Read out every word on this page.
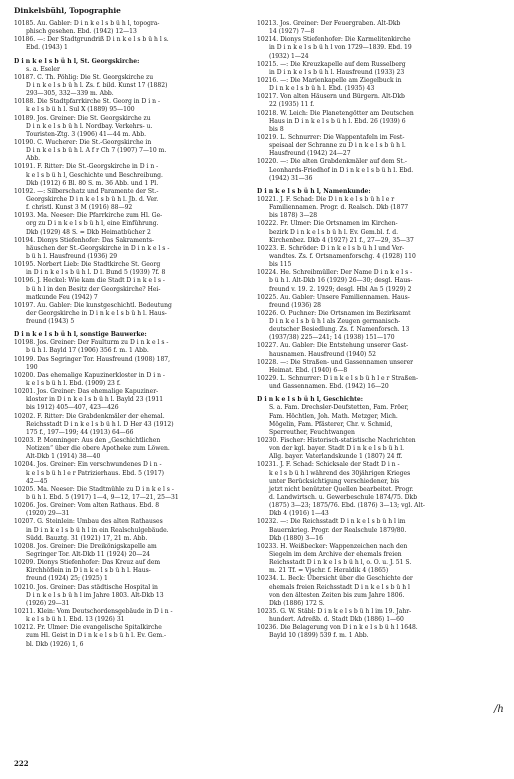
Dinkelsbühl, Topographie
10185. Au. Gabler: D i n k e l s b ü h l, topogra-
phisch gesehen. Ebd. (1942) 12—13
10186. —: Der Stadtgrundriß D i n k e l s b ü h l s.
Ebd. (1943) 1
D i n k e l s b ü h l, St. Georgskirche:
s. a. Eseler
10187. C. Th. Pöhlig: Die St. Georgskirche zu
D i n k e l s b ü h l. Zs. f. bild. Kunst 17 (1882)
293—305, 332—339 m. Abb.
10188. Die Stadtpfarrkirche St. Georg in D i n -
k e l s b ü h l. Sul X (1889) 95—100
10189. Jos. Greiner: Die St. Georgskirche zu
D i n k e l s b ü h l. Nordbay. Verkehrs- u.
Touristen-Ztg. 3 (1906) 41—44 m. Abb.
10190. C. Wucherer: Die St.-Georgskirche in
D i n k e l s b ü h l. A f r Ch 7 (1907) 7—10 m.
Abb.
10191. F. Ritter: Die St.-Georgskirche in D i n -
k e l s b ü h l, Geschichte und Beschreibung.
Dkb (1912) 6 Bl. 80 S. m. 36 Abb. und 1 Pl.
10192. —: Silberschatz und Paramente der St.-
Georgskirche D i n k e l s b ü h l. Jb. d. Ver.
f. christl. Kunst 3 M (1916) 88—92
10193. Ma. Neeser: Die Pfarrkirche zum Hl. Ge-
org zu D i n k e l s b ü h l, eine Einführung.
Dkb (1929) 48 S. = Dkb Heimatbücher 2
10194. Dionys Stiefenhofer: Das Sakraments-
häuschen der St.-Georgskirche in D i n k e l s -
b ü h l. Hausfreund (1936) 29
10195. Norbert Lieb: Die Stadtkirche St. Georg
in D i n k e l s b ü h l. D l. Bund 5 (1939) 7f. 8
10196. J. Heckel: Wie kam die Stadt D i n k e l s -
b ü h l in den Besitz der Georgskirche? Hei-
matkunde Feu (1942) 7
10197. Au. Gabler: Die kunstgeschichtl. Bedeutung
der Georgskirche in D i n k e l s b ü h l. Haus-
freund (1943) 5
D i n k e l s b ü h l, sonstige Bauwerke:
10198. Jos. Greiner: Der Faulturm zu D i n k e l s -
b ü h l. Bayld 17 (1906) 356 f. m. 1 Abb.
10199. Das Segringer Tor. Hausfreund (1908) 187,
190
10200. Das ehemalige Kapuzinerkloster in D i n -
k e l s b ü h l. Ebd. (1909) 23 f.
10201. Jos. Greiner: Das ehemalige Kapuziner-
kloster in D i n k e l s b ü h l. Bayld 23 (1911
bis 1912) 405—407, 423—426
10202. F. Ritter: Die Grabdenkmäler der ehemal.
Reichsstadt D i n k e l s b ü h l. D Her 43 (1912)
175 f., 197—199; 44 (1913) 64—66
10203. P. Monninger: Aus den „Geschichtlichen
Notizen“ über die obere Apotheke zum Löwen.
Alt-Dkb 1 (1914) 38—40
10204. Jos. Greiner: Ein verschwundenes D i n -
k e l s b ü h l e r Patrizierhaus. Ebd. 5 (1917)
42—45
10205. Ma. Neeser: Die Stadtmühle zu D i n k e l s -
b ü h l. Ebd. 5 (1917) 1—4, 9—12, 17—21, 25—31
10206. Jos. Greiner: Vom alten Rathaus. Ebd. 8
(1920) 29—31
10207. G. Steinlein: Umbau des alten Rathauses
in D i n k e l s b ü h l in ein Realschulgebäude.
Südd. Bauztg. 31 (1921) 17, 21 m. Abb.
10208. Jos. Greiner: Die Dreikönigskapelle am
Segringer Tor. Alt-Dkb 11 (1924) 20—24
10209. Dionys Stiefenhofer: Das Kreuz auf dem
Kirchhöflein in D i n k e l s b ü h l. Haus-
freund (1924) 25; (1925) 1
10210. Jos. Greiner: Das städtische Hospital in
D i n k e l s b ü h l im Jahre 1803. Alt-Dkb 13
(1926) 29—31
10211. Klein: Vom Deutschordensgebäude in D i n -
k e l s b ü h l. Ebd. 13 (1926) 31
10212. Fr. Ulmer: Die evangelische Spitalkirche
zum Hl. Geist in D i n k e l s b ü h l. Ev. Gem.-
bl. Dkb (1926) 1, 6
10213. Jos. Greiner: Der Feuergraben. Alt-Dkb
14 (1927) 7—8
10214. Dionys Stiefenhofer: Die Karmelitenkirche
in D i n k e l s b ü h l von 1729—1839. Ebd. 19
(1932) 1—24
10215. —: Die Kreuzkapelle auf dem Russelberg
in D i n k e l s b ü h l. Hausfreund (1933) 23
10216. —: Die Marienkapelle am Ziegelbuck in
D i n k e l s b ü h l. Ebd. (1935) 43
10217. Von alten Häusern und Bürgern. Alt-Dkb
22 (1935) 11 f.
10218. W. Leich: Die Planetengötter am Deutschen
Haus in D i n k e l s b ü h l. Ebd. 26 (1939) 6
bis 8
10219. L. Schnurrer: Die Wappentafeln im Fest-
speisaal der Schranne zu D i n k e l s b ü h l.
Hausfreund (1942) 24—27
10220. —: Die alten Grabdenkmäler auf dem St.-
Leonhards-Friedhof in D i n k e l s b ü h l. Ebd.
(1942) 31—36
D i n k e l s b ü h l, Namenkunde:
10221. J. F. Schad: Die D i n k e l s b ü h l e r
Familiennamen. Progr. d. Realsch. Dkb (1877
bis 1878) 3—28
10222. Fr. Ulmer: Die Ortsnamen im Kirchen-
bezirk D i n k e l s b ü h l. Ev. Gem.bl. f. d.
Kirchenbez. Dkb 4 (1927) 21 f., 27—29, 35—37
10223. E. Schröder: D i n k e l s b ü h l und Ver-
wandtes. Zs. f. Ortsnamenforschg. 4 (1928) 110
bis 115
10224. He. Schreibmüller: Der Name D i n k e l s -
b ü h l. Alt-Dkb 16 (1929) 26—30; desgl. Haus-
freund v. 19. 2. 1929; desgl. Hbl An 5 (1929) 2
10225. Au. Gabler: Unsere Familiennamen. Haus-
freund (1936) 28
10226. O. Puchner: Die Ortsnamen im Bezirksamt
D i n k e l s b ü h l als Zeugen germanisch-
deutscher Besiedlung. Zs. f. Namenforsch. 13
(1937/38) 225—241; 14 (1938) 151—170
10227. Au. Gabler: Die Entstehung unserer Gast-
hausnamen. Hausfreund (1940) 52
10228. —: Die Straßen- und Gassennamen unserer
Heimat. Ebd. (1940) 6—8
10229. L. Schnurrer: D i n k e l s b ü h l e r Straßen-
und Gassennamen. Ebd. (1942) 16—20
D i n k e l s b ü h l, Geschichte:
S. a. Fam. Drechsler-Deufstetten, Fam. Fröer,
Fam. Höchtlen, Joh. Math. Metzger, Mich.
Mögelin, Fam. Pfästerer, Chr. v. Schmid,
Sperreuther, Feuchtwangen
10230. Fischer: Historisch-statistische Nachrichten
von der kgl. bayer. Stadt D i n k e l s b ü h l.
Allg. bayer. Vaterlandskunde 1 (1807) 24 ff.
10231. J. F. Schad: Schicksale der Stadt D i n -
k e l s b ü h l während des 30jährigen Krieges
unter Berücksichtigung verschiedener, bis
jetzt nicht benützter Quellen bearbeitet. Progr.
d. Landwirtsch. u. Gewerbeschule 1874/75. Dkb
(1875) 3—23; 1875/76. Ebd. (1876) 3—13; vgl. Alt-
Dkb 4 (1916) 1—43
10232. —: Die Reichsstadt D i n k e l s b ü h l im
Bauernkrieg. Progr. der Realschule 1879/80.
Dkb (1880) 3—16
10233. H. Weißbecker: Wappenzeichen nach den
Siegeln im dem Archive der ehemals freien
Reichsstadt D i n k e l s b ü h l, o. O. u. J. 51 S.
m. 21 Tf. = Vjschr. f. Heraldik 4 (1865)
10234. L. Beck: Übersicht über die Geschichte der
ehemals freien Reichsstadt D i n k e l s b ü h l
von den ältesten Zeiten bis zum Jahre 1806.
Dkb (1886) 172 S.
10235. G. W. Stäbl: D i n k e l s b ü h l im 19. Jahr-
hundert. Adreßb. d. Stadt Dkb (1886) 1—60
10236. Die Belagerung von D i n k e l s b ü h l 1648.
Bayld 10 (1899) 539 f. m. 1 Abb.
222
/h
